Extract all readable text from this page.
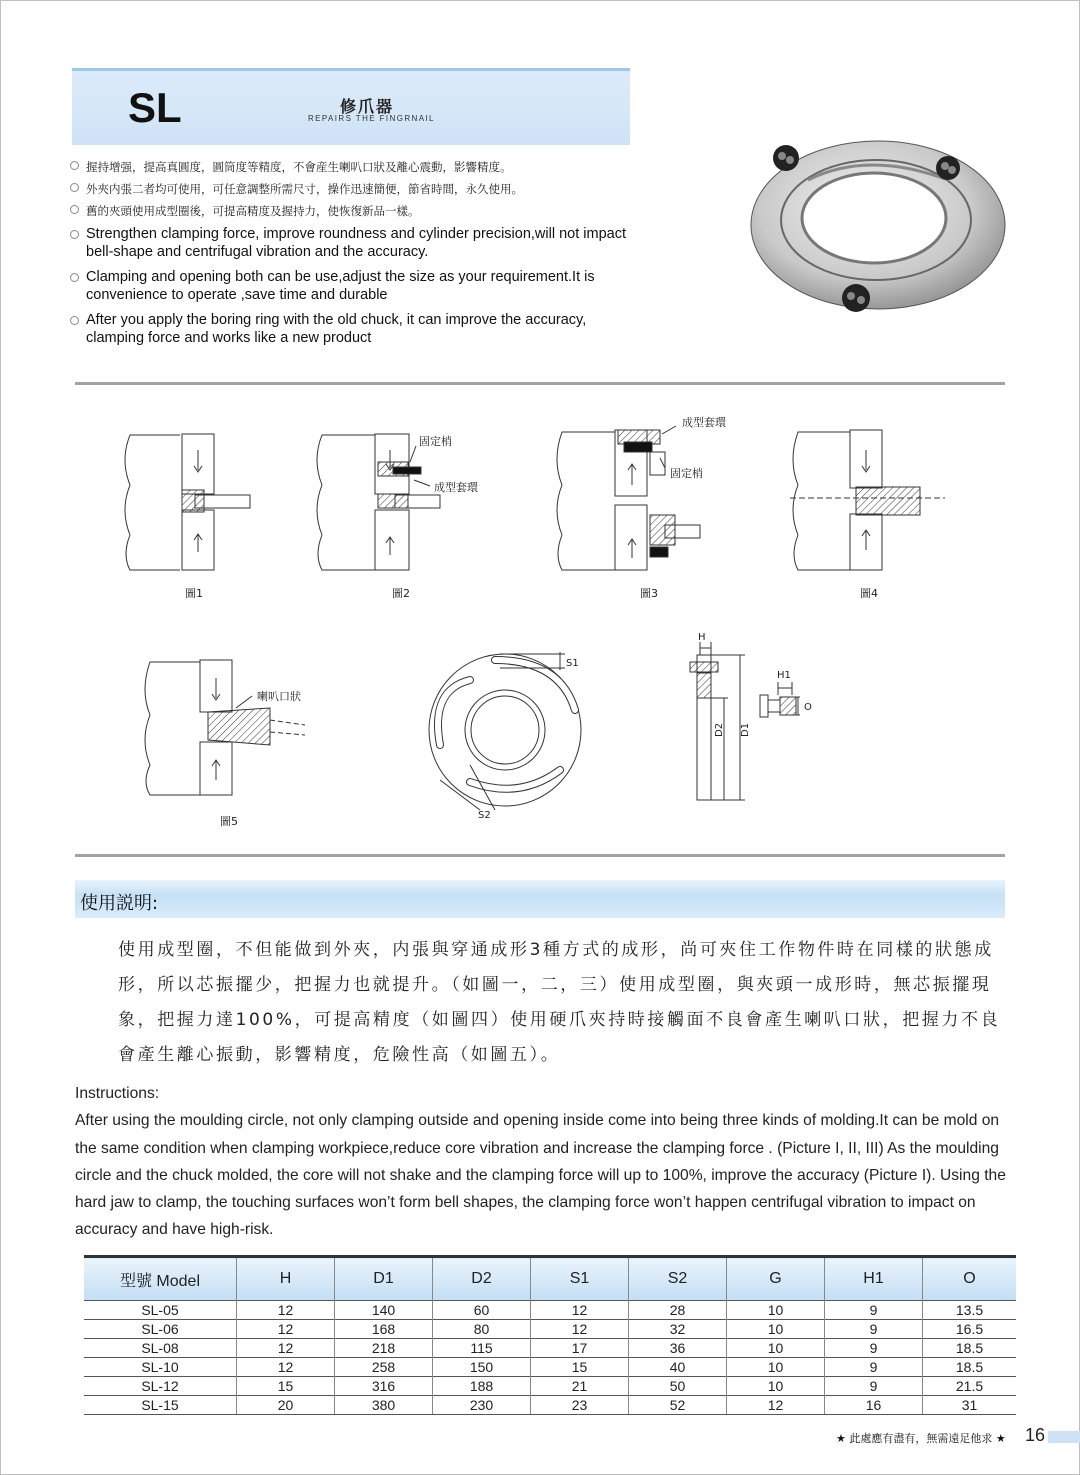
SL	修爪器
REPAIRS THE FINGRNAIL
握持增强，提高真圓度，圓筒度等精度，不會産生喇叭口狀及離心震動，影響精度。
外夾内張二者均可使用，可任意調整所需尺寸，操作迅速簡便，節省時間，永久使用。
舊的夾頭使用成型圈後，可提高精度及握持力，使恢復新品一樣。
Strengthen clamping force, improve roundness and cylinder precision,will not impact bell-shape and centrifugal vibration and the accuracy.
Clamping and opening both can be use,adjust the size as your requirement.It is convenience to operate ,save time and durable
After you apply the boring ring with the old chuck, it can improve the accuracy, clamping force and works like a new product
圖1	圖2	圖3	圖4
圖5
固定梢
成型套環
成型套環
固定梢
喇叭口狀
S1
S2
H
H1
O
D2 D1
使用説明:
使用成型圈，不但能做到外夾，内張與穿通成形3種方式的成形，尚可夾住工作物件時在同樣的狀態成形，所以芯振擺少，把握力也就提升。（如圖一，二，三）使用成型圈，與夾頭一成形時，無芯振擺現象，把握力達100%，可提高精度（如圖四）使用硬爪夾持時接觸面不良會產生喇叭口狀，把握力不良會產生離心振動，影響精度，危險性高（如圖五）。
Instructions:
After using the moulding circle, not only clamping outside and opening inside come into being three kinds of molding.It can be mold on the same condition when clamping workpiece,reduce core vibration and increase the clamping force . (Picture I, II, III) As the moulding circle and the chuck molded, the core will not shake and the clamping force will up to 100%, improve the accuracy (Picture I). Using the hard jaw to clamp, the touching surfaces won’t form bell shapes, the clamping force won’t happen centrifugal vibration to impact on accuracy and have high-risk.
型號 Model	H	D1	D2	S1	S2	G	H1	O
SL-05	12	140	60	12	28	10	9	13.5
SL-06	12	168	80	12	32	10	9	16.5
SL-08	12	218	115	17	36	10	9	18.5
SL-10	12	258	150	15	40	10	9	18.5
SL-12	15	316	188	21	50	10	9	21.5
SL-15	20	380	230	23	52	12	16	31
★ 此處應有盡有，無需遠足他求 ★ 16
